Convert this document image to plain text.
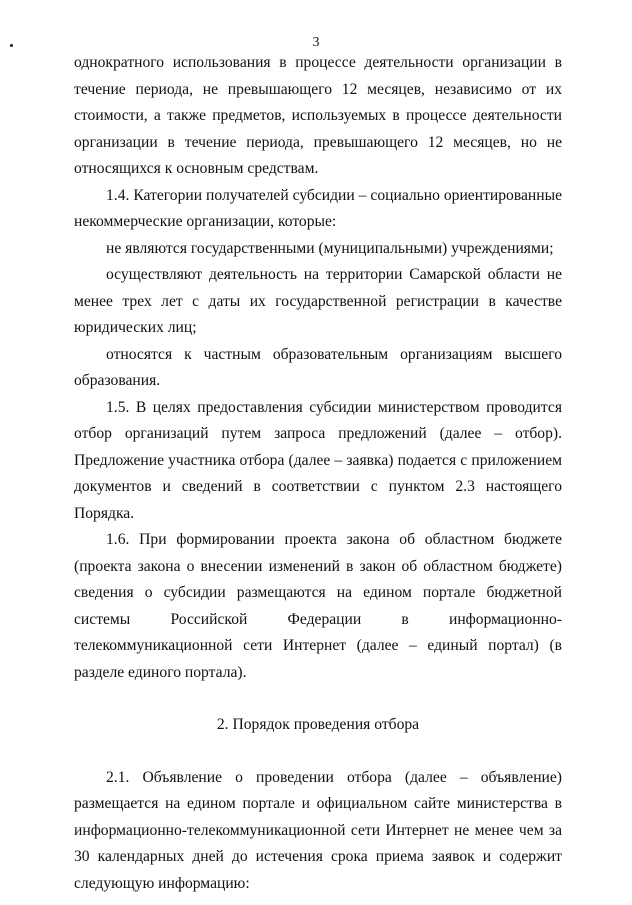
3

однократного использования в процессе деятельности организации в течение периода, не превышающего 12 месяцев, независимо от их стоимости, а также предметов, используемых в процессе деятельности организации в течение периода, превышающего 12 месяцев, но не относящихся к основным средствам.

1.4. Категории получателей субсидии – социально ориентированные некоммерческие организации, которые:

не являются государственными (муниципальными) учреждениями;

осуществляют деятельность на территории Самарской области не менее трех лет с даты их государственной регистрации в качестве юридических лиц;

относятся к частным образовательным организациям высшего образования.

1.5. В целях предоставления субсидии министерством проводится отбор организаций путем запроса предложений (далее – отбор). Предложение участника отбора (далее – заявка) подается с приложением документов и сведений в соответствии с пунктом 2.3 настоящего Порядка.

1.6. При формировании проекта закона об областном бюджете (проекта закона о внесении изменений в закон об областном бюджете) сведения о субсидии размещаются на едином портале бюджетной системы Российской Федерации в информационно-телекоммуникационной сети Интернет (далее – единый портал) (в разделе единого портала).

2. Порядок проведения отбора

2.1. Объявление о проведении отбора (далее – объявление) размещается на едином портале и официальном сайте министерства в информационно-телекоммуникационной сети Интернет не менее чем за 30 календарных дней до истечения срока приема заявок и содержит следующую информацию:
